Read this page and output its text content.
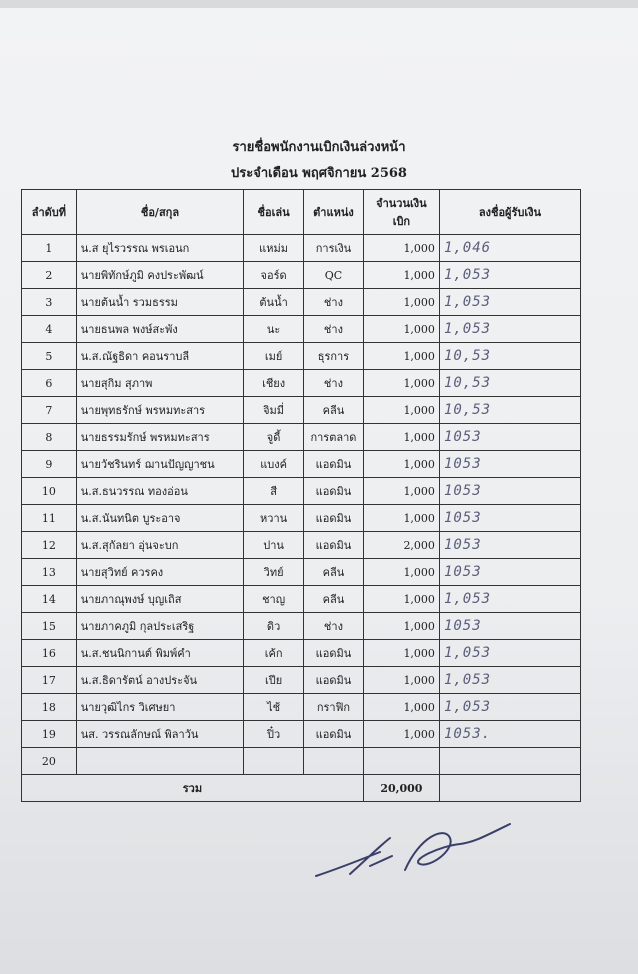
รายชื่อพนักงานเบิกเงินล่วงหน้า
ประจำเดือน พฤศจิกายน 2568
ลำดับที่	ชื่อ/สกุล	ชื่อเล่น	ตำแหน่ง	จำนวนเงินเบิก	ลงชื่อผู้รับเงิน
1	น.ส ยุไรวรรณ พรเอนก	แหม่ม	การเงิน	1,000	1,046
2	นายพิทักษ์ภูมิ คงประพัฒน์	จอร์ด	QC	1,000	1,053
3	นายต้นน้ำ รวมธรรม	ต้นน้ำ	ช่าง	1,000	1,053
4	นายธนพล พงษ์สะพัง	นะ	ช่าง	1,000	1,053
5	น.ส.ณัฐธิดา คอนราบลี	เมย์	ธุรการ	1,000	10,53
6	นายสุกิม สุภาพ	เชียง	ช่าง	1,000	10,53
7	นายพุทธรักษ์ พรหมทะสาร	จิมมี่	คลีน	1,000	10,53
8	นายธรรมรักษ์ พรหมทะสาร	จูดี้	การตลาด	1,000	1053
9	นายวัชรินทร์ ฌานปัญญาชน	แบงค์	แอดมิน	1,000	1053
10	น.ส.ธนวรรณ ทองอ่อน	สี	แอดมิน	1,000	1053
11	น.ส.นันทนิต บูระอาจ	หวาน	แอดมิน	1,000	1053
12	น.ส.สุกัลยา อุ่นจะบก	ปาน	แอดมิน	2,000	1053
13	นายสุวิทย์ ควรคง	วิทย์	คลีน	1,000	1053
14	นายภาณุพงษ์ บุญเถิส	ชาญ	คลีน	1,000	1,053
15	นายภาคภูมิ กุลประเสริฐ	ดิว	ช่าง	1,000	1053
16	น.ส.ชนนิกานต์ พิมพ์คำ	เค้ก	แอดมิน	1,000	1,053
17	น.ส.ธิดารัตน์ อางประจัน	เปีย	แอดมิน	1,000	1,053
18	นายวุฒิไกร วิเศษยา	ไช้	กราฟิก	1,000	1,053
19	นส. วรรณลักษณ์ พิลาวัน	ปิ๋ว	แอดมิน	1,000	1053.
20					
รวม				20,000	
